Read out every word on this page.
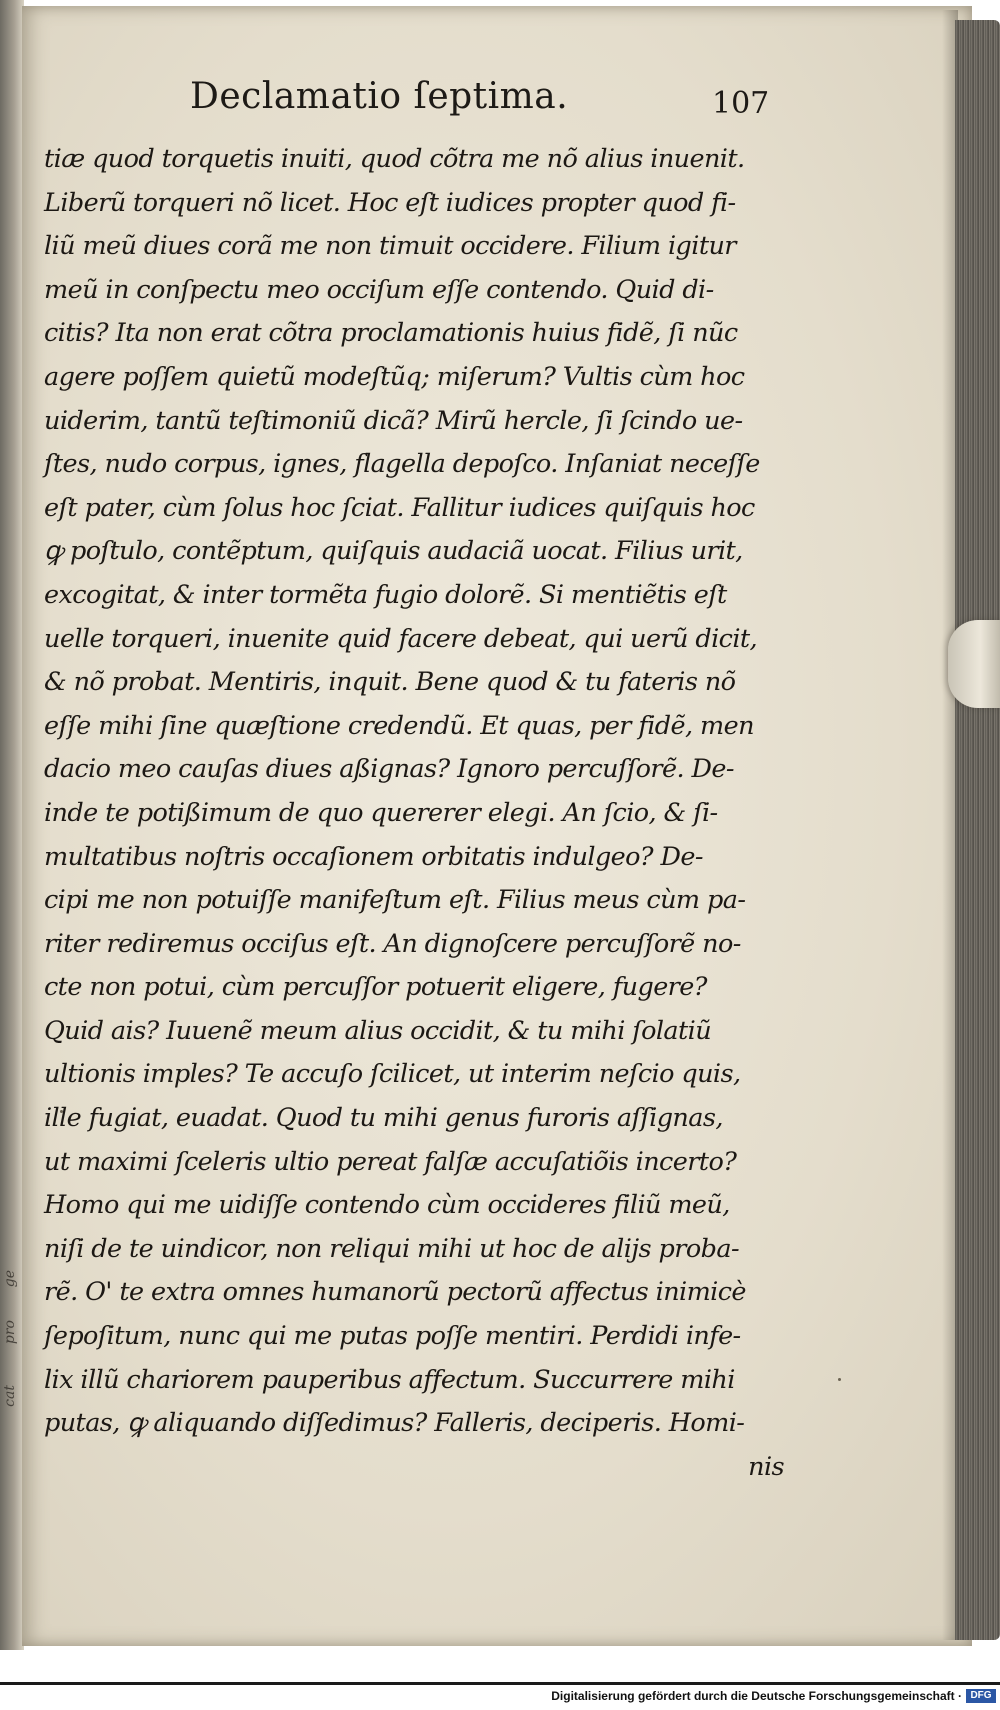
ge
pro
cat
Declamatio ſeptima.	107
tiæ quod torquetis inuiti, quod cõtra me nõ alius inuenit.
Liberũ torqueri nõ licet. Hoc eſt iudices propter quod fi-
liũ meũ diues corã me non timuit occidere. Filium igitur
meũ in conſpectu meo occiſum eſſe contendo. Quid di-
citis? Ita non erat cõtra proclamationis huius fidẽ, ſi nũc
agere poſſem quietũ modeſtũq; miſerum? Vultis cùm hoc
uiderim, tantũ teſtimoniũ dicã? Mirũ hercle, ſi ſcindo ue-
ſtes, nudo corpus, ignes, flagella depoſco. Inſaniat neceſſe
eſt pater, cùm ſolus hoc ſciat. Fallitur iudices quiſquis hoc
ꝙ poſtulo, contẽptum, quiſquis audaciã uocat. Filius urit,
excogitat, & inter tormẽta fugio dolorẽ. Si mentiẽtis eſt
uelle torqueri, inuenite quid facere debeat, qui uerũ dicit,
& nõ probat. Mentiris, inquit. Bene quod & tu fateris nõ
eſſe mihi ſine quæſtione credendũ. Et quas, per fidẽ, men
dacio meo cauſas diues aßignas? Ignoro percuſſorẽ. De-
inde te potißimum de quo quererer elegi. An ſcio, & ſi-
multatibus noſtris occaſionem orbitatis indulgeo? De-
cipi me non potuiſſe manifeſtum eſt. Filius meus cùm pa-
riter rediremus occiſus eſt. An dignoſcere percuſſorẽ no-
cte non potui, cùm percuſſor potuerit eligere, fugere?
Quid ais? Iuuenẽ meum alius occidit, & tu mihi ſolatiũ
ultionis imples? Te accuſo ſcilicet, ut interim neſcio quis,
ille fugiat, euadat. Quod tu mihi genus furoris aſſignas,
ut maximi ſceleris ultio pereat falſæ accuſatiõis incerto?
Homo qui me uidiſſe contendo cùm occideres filiũ meũ,
niſi de te uindicor, non reliqui mihi ut hoc de alijs proba-
rẽ. O' te extra omnes humanorũ pectorũ affectus inimicè
ſepoſitum, nunc qui me putas poſſe mentiri. Perdidi infe-
lix illũ chariorem pauperibus affectum. Succurrere mihi
putas, ꝙ aliquando diſſedimus? Falleris, deciperis. Homi-
nis
Digitalisierung gefördert durch die Deutsche Forschungsgemeinschaft · DFG
